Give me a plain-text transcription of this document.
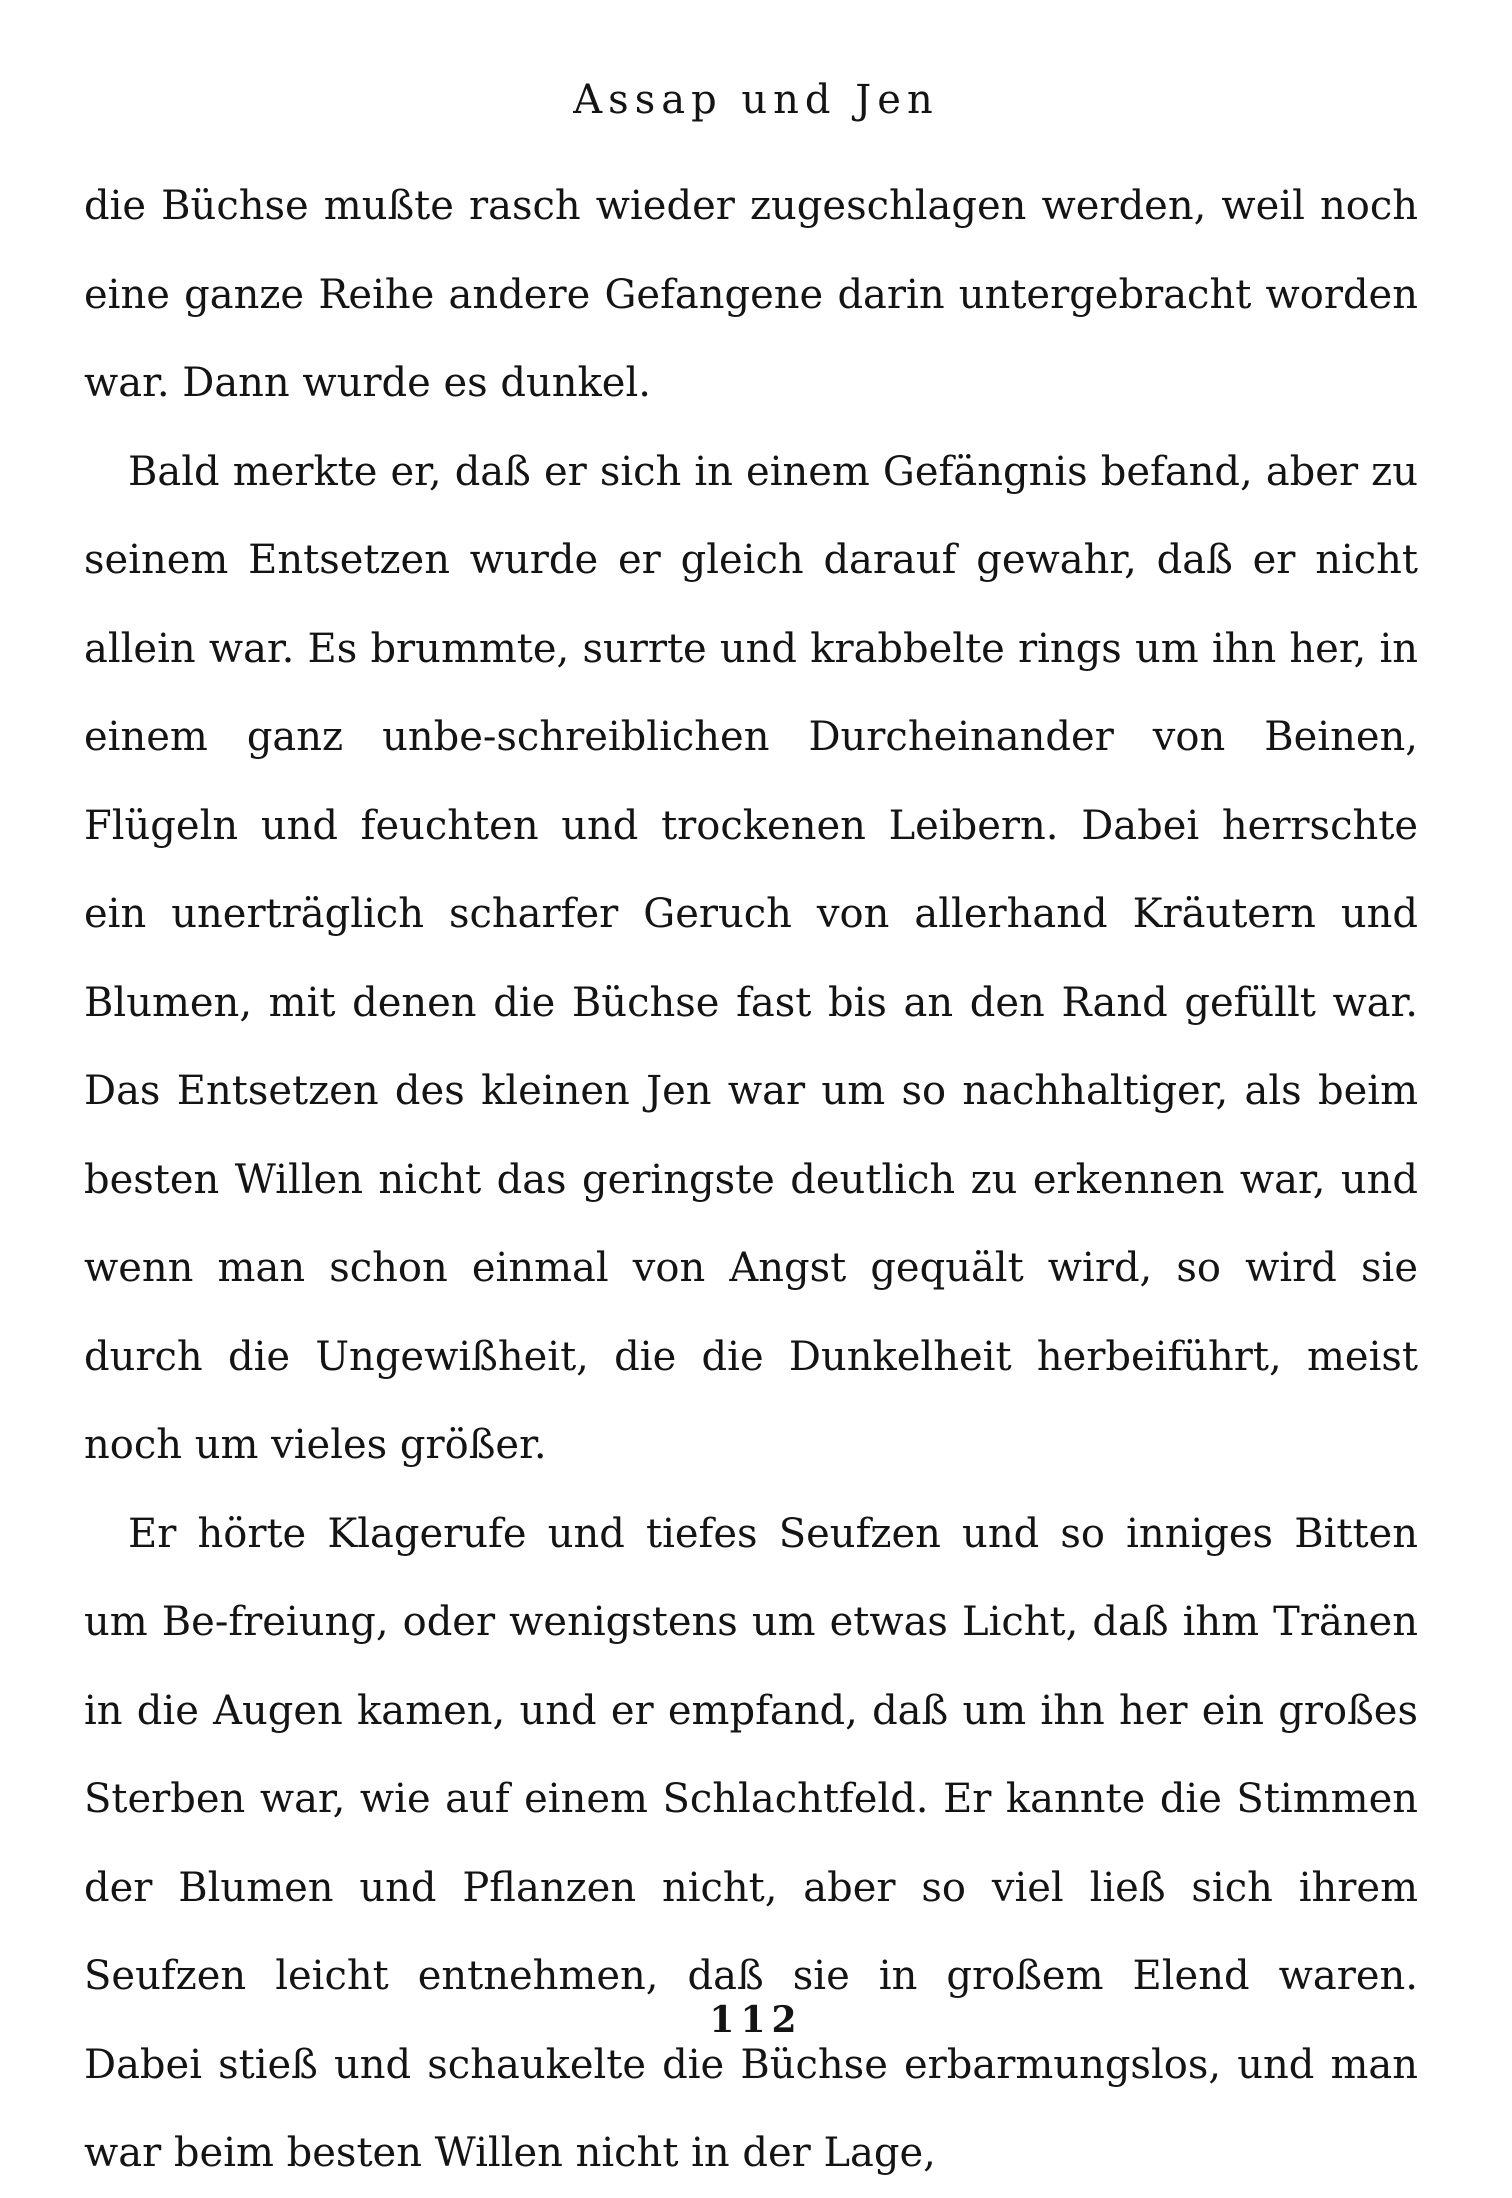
Assap und Jen

die Büchse mußte rasch wieder zugeschlagen werden, weil noch eine ganze Reihe andere Gefangene darin untergebracht worden war. Dann wurde es dunkel.

Bald merkte er, daß er sich in einem Gefängnis befand, aber zu seinem Entsetzen wurde er gleich darauf gewahr, daß er nicht allein war. Es brummte, surrte und krabbelte rings um ihn her, in einem ganz unbe-schreiblichen Durcheinander von Beinen, Flügeln und feuchten und trockenen Leibern. Dabei herrschte ein unerträglich scharfer Geruch von allerhand Kräutern und Blumen, mit denen die Büchse fast bis an den Rand gefüllt war. Das Entsetzen des kleinen Jen war um so nachhaltiger, als beim besten Willen nicht das geringste deutlich zu erkennen war, und wenn man schon einmal von Angst gequält wird, so wird sie durch die Ungewißheit, die die Dunkelheit herbeiführt, meist noch um vieles größer.

Er hörte Klagerufe und tiefes Seufzen und so inniges Bitten um Be-freiung, oder wenigstens um etwas Licht, daß ihm Tränen in die Augen kamen, und er empfand, daß um ihn her ein großes Sterben war, wie auf einem Schlachtfeld. Er kannte die Stimmen der Blumen und Pflanzen nicht, aber so viel ließ sich ihrem Seufzen leicht entnehmen, daß sie in großem Elend waren. Dabei stieß und schaukelte die Büchse erbarmungslos, und man war beim besten Willen nicht in der Lage,

112
